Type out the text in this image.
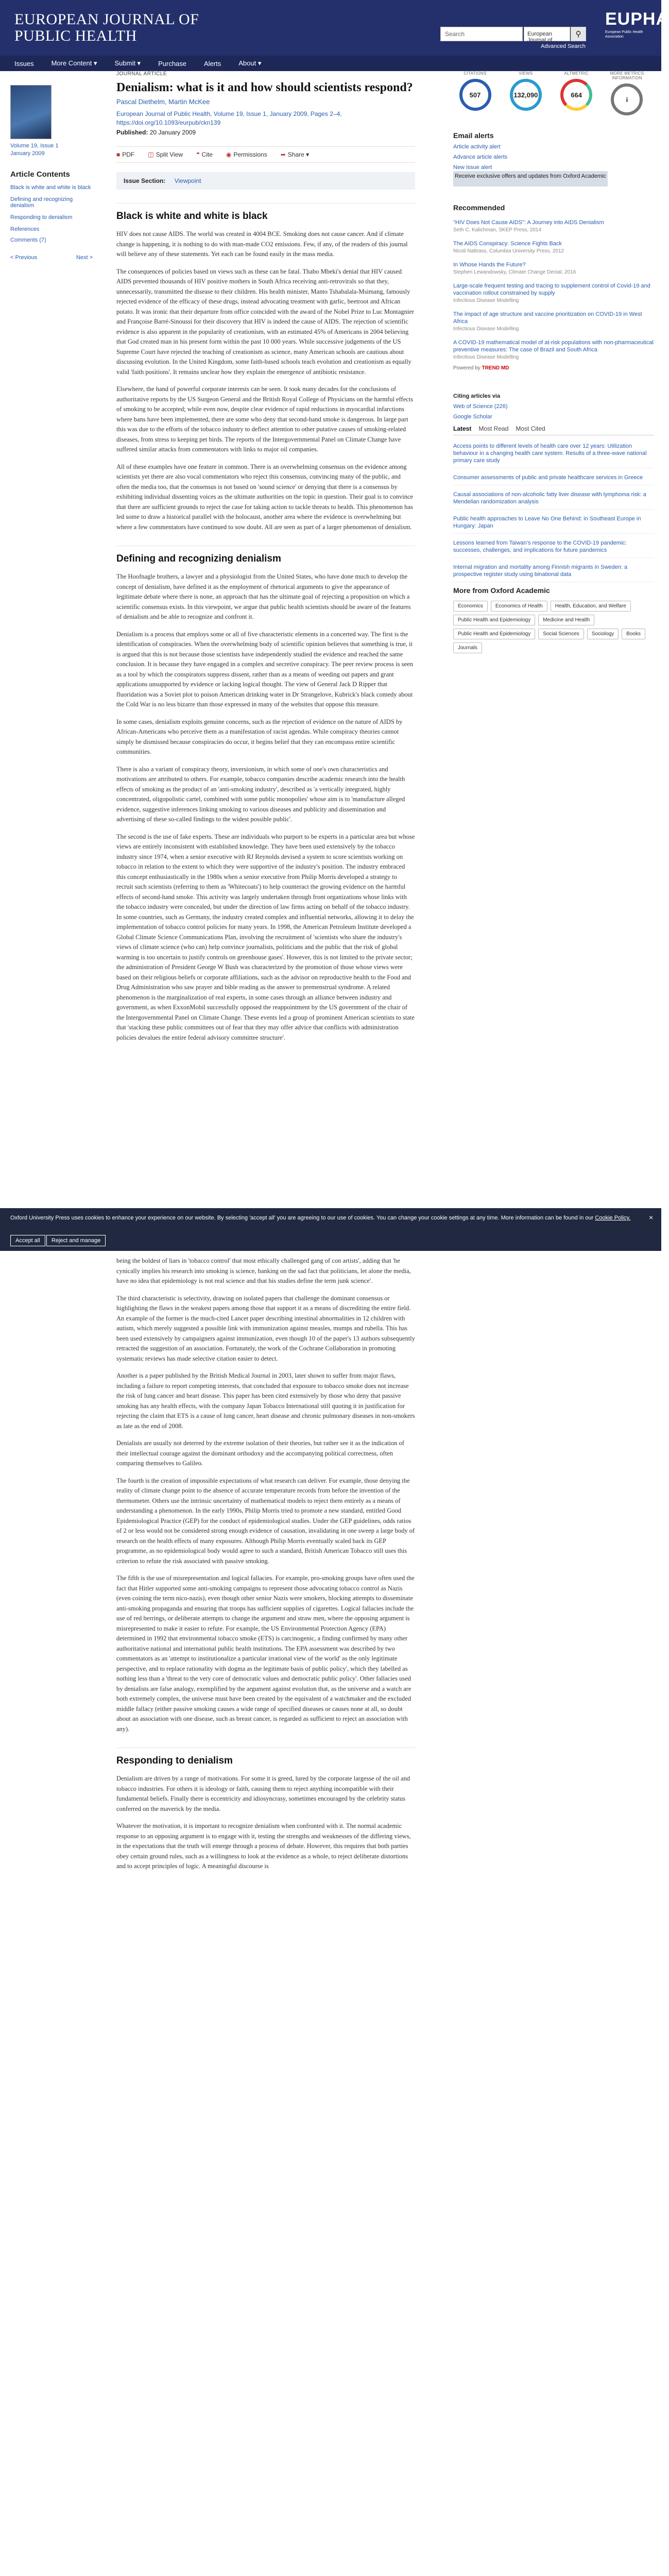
EUROPEAN JOURNAL OF
PUBLIC HEALTH	Search	European Journal of…
⚲
Advanced Search
EUPHA
European Public Health Association
Issues	More Content ▾	Submit ▾	Purchase	Alerts	About ▾
Volume 19, Issue 1
January 2009
Article Contents
Black is white and white is black
Defining and recognizing denialism
Responding to denialism
References
Comments (7)
< Previous	Next >
JOURNAL ARTICLE
Denialism: what is it and how should scientists respond?
Pascal Diethelm, Martin McKee
European Journal of Public Health, Volume 19, Issue 1, January 2009, Pages 2–4, https://doi.org/10.1093/eurpub/ckn139
Published: 20 January 2009
■ PDF ◫ Split View ❝ Cite ◉ Permissions ➦ Share ▾
Issue Section: Viewpoint
Black is white and white is black

HIV does not cause AIDS. The world was created in 4004 BCE. Smoking does not cause cancer. And if climate change is happening, it is nothing to do with man-made CO2 emissions. Few, if any, of the readers of this journal will believe any of these statements. Yet each can be found easily in the mass media.

The consequences of policies based on views such as these can be fatal. Thabo Mbeki's denial that HIV caused AIDS prevented thousands of HIV positive mothers in South Africa receiving anti-retrovirals so that they, unnecessarily, transmitted the disease to their children. His health minister, Manto Tshabalala-Msimang, famously rejected evidence of the efficacy of these drugs, instead advocating treatment with garlic, beetroot and African potato. It was ironic that their departure from office coincided with the award of the Nobel Prize to Luc Montagnier and Françoise Barré-Sinoussi for their discovery that HIV is indeed the cause of AIDS. The rejection of scientific evidence is also apparent in the popularity of creationism, with an estimated 45% of Americans in 2004 believing that God created man in his present form within the past 10 000 years. While successive judgements of the US Supreme Court have rejected the teaching of creationism as science, many American schools are cautious about discussing evolution. In the United Kingdom, some faith-based schools teach evolution and creationism as equally valid 'faith positions'. It remains unclear how they explain the emergence of antibiotic resistance.

Elsewhere, the hand of powerful corporate interests can be seen. It took many decades for the conclusions of authoritative reports by the US Surgeon General and the British Royal College of Physicians on the harmful effects of smoking to be accepted; while even now, despite clear evidence of rapid reductions in myocardial infarctions where bans have been implemented, there are some who deny that second-hand smoke is dangerous. In large part this was due to the efforts of the tobacco industry to deflect attention to other putative causes of smoking-related diseases, from stress to keeping pet birds. The reports of the Intergovernmental Panel on Climate Change have suffered similar attacks from commentators with links to major oil companies.

All of these examples have one feature in common. There is an overwhelming consensus on the evidence among scientists yet there are also vocal commentators who reject this consensus, convincing many of the public, and often the media too, that the consensus is not based on 'sound science' or denying that there is a consensus by exhibiting individual dissenting voices as the ultimate authorities on the topic in question. Their goal is to convince that there are sufficient grounds to reject the case for taking action to tackle threats to health. This phenomenon has led some to draw a historical parallel with the holocaust, another area where the evidence is overwhelming but where a few commentators have continued to sow doubt. All are seen as part of a larger phenomenon of denialism.

Defining and recognizing denialism

The Hoofnagle brothers, a lawyer and a physiologist from the United States, who have done much to develop the concept of denialism, have defined it as the employment of rhetorical arguments to give the appearance of legitimate debate where there is none, an approach that has the ultimate goal of rejecting a proposition on which a scientific consensus exists. In this viewpoint, we argue that public health scientists should be aware of the features of denialism and be able to recognize and confront it.

Denialism is a process that employs some or all of five characteristic elements in a concerted way. The first is the identification of conspiracies. When the overwhelming body of scientific opinion believes that something is true, it is argued that this is not because those scientists have independently studied the evidence and reached the same conclusion. It is because they have engaged in a complex and secretive conspiracy. The peer review process is seen as a tool by which the conspirators suppress dissent, rather than as a means of weeding out papers and grant applications unsupported by evidence or lacking logical thought. The view of General Jack D Ripper that fluoridation was a Soviet plot to poison American drinking water in Dr Strangelove, Kubrick's black comedy about the Cold War is no less bizarre than those expressed in many of the websites that oppose this measure.

In some cases, denialism exploits genuine concerns, such as the rejection of evidence on the nature of AIDS by African-Americans who perceive them as a manifestation of racist agendas. While conspiracy theories cannot simply be dismissed because conspiracies do occur, it begins belief that they can encompass entire scientific communities.

There is also a variant of conspiracy theory, inversionism, in which some of one's own characteristics and motivations are attributed to others. For example, tobacco companies describe academic research into the health effects of smoking as the product of an 'anti-smoking industry', described as 'a vertically integrated, highly concentrated, oligopolistic cartel, combined with some public monopolies' whose aim is to 'manufacture alleged evidence, suggestive inferences linking smoking to various diseases and publicity and dissemination and advertising of these so-called findings to the widest possible public'.

The second is the use of fake experts. These are individuals who purport to be experts in a particular area but whose views are entirely inconsistent with established knowledge. They have been used extensively by the tobacco industry since 1974, when a senior executive with RJ Reynolds devised a system to score scientists working on tobacco in relation to the extent to which they were supportive of the industry's position. The industry embraced this concept enthusiastically in the 1980s when a senior executive from Philip Morris developed a strategy to recruit such scientists (referring to them as 'Whitecoats') to help counteract the growing evidence on the harmful effects of second-hand smoke. This activity was largely undertaken through front organizations whose links with the tobacco industry were concealed, but under the direction of law firms acting on behalf of the tobacco industry. In some countries, such as Germany, the industry created complex and influential networks, allowing it to delay the implementation of tobacco control policies for many years. In 1998, the American Petroleum Institute developed a Global Climate Science Communications Plan, involving the recruitment of 'scientists who share the industry's views of climate science (who can) help convince journalists, politicians and the public that the risk of global warming is too uncertain to justify controls on greenhouse gases'. However, this is not limited to the private sector; the administration of President George W Bush was characterized by the promotion of those whose views were based on their religious beliefs or corporate affiliations, such as the advisor on reproductive health to the Food and Drug Administration who saw prayer and bible reading as the answer to premenstrual syndrome. A related phenomenon is the marginalization of real experts, in some cases through an alliance between industry and government, as when ExxonMobil successfully opposed the reappointment by the US government of the chair of the Intergovernmental Panel on Climate Change. These events led a group of prominent American scientists to state that 'stacking these public committees out of fear that they may offer advice that conflicts with administration policies devalues the entire federal advisory committee structure'.

CITATIONS
507
VIEWS
132,090
ALTMETRIC
664
MORE METRICS INFORMATION
i
Email alerts
Article activity alert
Advance article alerts
New issue alert
Receive exclusive offers and updates from Oxford Academic
Recommended
"HIV Does Not Cause AIDS": A Journey into AIDS Denialism
Seth C. Kalichman, SKEP Press, 2014
The AIDS Conspiracy: Science Fights Back
Nicoli Nattrass, Columbia University Press, 2012
In Whose Hands the Future?
Stephen Lewandowsky, Climate Change Denial, 2016
Large-scale frequent testing and tracing to supplement control of Covid-19 and vaccination rollout constrained by supply
Infectious Disease Modelling
The impact of age structure and vaccine prioritization on COVID-19 in West Africa
Infectious Disease Modelling
A COVID-19 mathematical model of at-risk populations with non-pharmaceutical preventive measures: The case of Brazil and South Africa
Infectious Disease Modelling
Powered by TREND MD
Citing articles via
Web of Science (226)
Google Scholar
Latest Most Read Most Cited
Access points to different levels of health care over 12 years: Utilization behaviour in a changing health care system. Results of a three-wave national primary care study
Consumer assessments of public and private healthcare services in Greece
Causal associations of non-alcoholic fatty liver disease with lymphoma risk: a Mendelian randomization analysis
Public health approaches to Leave No One Behind: in Southeast Europe in Hungary: Japan
Lessons learned from Taiwan's response to the COVID-19 pandemic: successes, challenges, and implications for future pandemics
Internal migration and mortality among Finnish migrants in Sweden: a prospective register study using binational data
More from Oxford Academic
Economics	Economics of Health	Health, Education, and Welfare
Public Health and Epidemiology	Medicine and Health
Public Health and Epidemiology	Social Sciences	Sociology	Books
Journals

Oxford University Press uses cookies to enhance your experience on our website. By selecting 'accept all' you are agreeing to our use of cookies. You can change your cookie settings at any time. More information can be found in our Cookie Policy.

Accept all	Reject and manage
×

being the boldest of liars in 'tobacco control' that most ethically challenged gang of con artists', adding that 'he cynically implies his research into smoking is science, banking on the sad fact that politicians, let alone the media, have no idea that epidemiology is not real science and that his studies define the term junk science'.

The third characteristic is selectivity, drawing on isolated papers that challenge the dominant consensus or highlighting the flaws in the weakest papers among those that support it as a means of discrediting the entire field. An example of the former is the much-cited Lancet paper describing intestinal abnormalities in 12 children with autism, which merely suggested a possible link with immunization against measles, mumps and rubella. This has been used extensively by campaigners against immunization, even though 10 of the paper's 13 authors subsequently retracted the suggestion of an association. Fortunately, the work of the Cochrane Collaboration in promoting systematic reviews has made selective citation easier to detect.

Another is a paper published by the British Medical Journal in 2003, later shown to suffer from major flaws, including a failure to report competing interests, that concluded that exposure to tobacco smoke does not increase the risk of lung cancer and heart disease. This paper has been cited extensively by those who deny that passive smoking has any health effects, with the company Japan Tobacco International still quoting it in justification for rejecting the claim that ETS is a cause of lung cancer, heart disease and chronic pulmonary diseases in non-smokers as late as the end of 2008.

Denialists are usually not deterred by the extreme isolation of their theories, but rather see it as the indication of their intellectual courage against the dominant orthodoxy and the accompanying political correctness, often comparing themselves to Galileo.

The fourth is the creation of impossible expectations of what research can deliver. For example, those denying the reality of climate change point to the absence of accurate temperature records from before the invention of the thermometer. Others use the intrinsic uncertainty of mathematical models to reject them entirely as a means of understanding a phenomenon. In the early 1990s, Philip Morris tried to promote a new standard, entitled Good Epidemiological Practice (GEP) for the conduct of epidemiological studies. Under the GEP guidelines, odds ratios of 2 or less would not be considered strong enough evidence of causation, invalidating in one sweep a large body of research on the health effects of many exposures. Although Philip Morris eventually scaled back its GEP programme, as no epidemiological body would agree to such a standard, British American Tobacco still uses this criterion to refute the risk associated with passive smoking.

The fifth is the use of misrepresentation and logical fallacies. For example, pro-smoking groups have often used the fact that Hitler supported some anti-smoking campaigns to represent those advocating tobacco control as Nazis (even coining the term nico-nazis), even though other senior Nazis were smokers, blocking attempts to disseminate anti-smoking propaganda and ensuring that troops has sufficient supplies of cigarettes. Logical fallacies include the use of red herrings, or deliberate attempts to change the argument and straw men, where the opposing argument is misrepresented to make it easier to refute. For example, the US Environmental Protection Agency (EPA) determined in 1992 that environmental tobacco smoke (ETS) is carcinogenic, a finding confirmed by many other authoritative national and international public health institutions. The EPA assessment was described by two commentators as an 'attempt to institutionalize a particular irrational view of the world' as the only legitimate perspective, and to replace rationality with dogma as the legitimate basis of public policy', which they labelled as nothing less than a 'threat to the very core of democratic values and democratic public policy'. Other fallacies used by denialists are false analogy, exemplified by the argument against evolution that, as the universe and a watch are both extremely complex, the universe must have been created by the equivalent of a watchmaker and the excluded middle fallacy (either passive smoking causes a wide range of specified diseases or causes none at all, so doubt about an association with one disease, such as breast cancer, is regarded as sufficient to reject an association with any).

Responding to denialism

Denialism are driven by a range of motivations. For some it is greed, lured by the corporate largesse of the oil and tobacco industries. For others it is ideology or faith, causing them to reject anything incompatible with their fundamental beliefs. Finally there is eccentricity and idiosyncrasy, sometimes encouraged by the celebrity status conferred on the maverick by the media.

Whatever the motivation, it is important to recognize denialism when confronted with it. The normal academic response to an opposing argument is to engage with it, testing the strengths and weaknesses of the differing views, in the expectations that the truth will emerge through a process of debate. However, this requires that both parties obey certain ground rules, such as a willingness to look at the evidence as a whole, to reject deliberate distortions and to accept principles of logic. A meaningful discourse is
